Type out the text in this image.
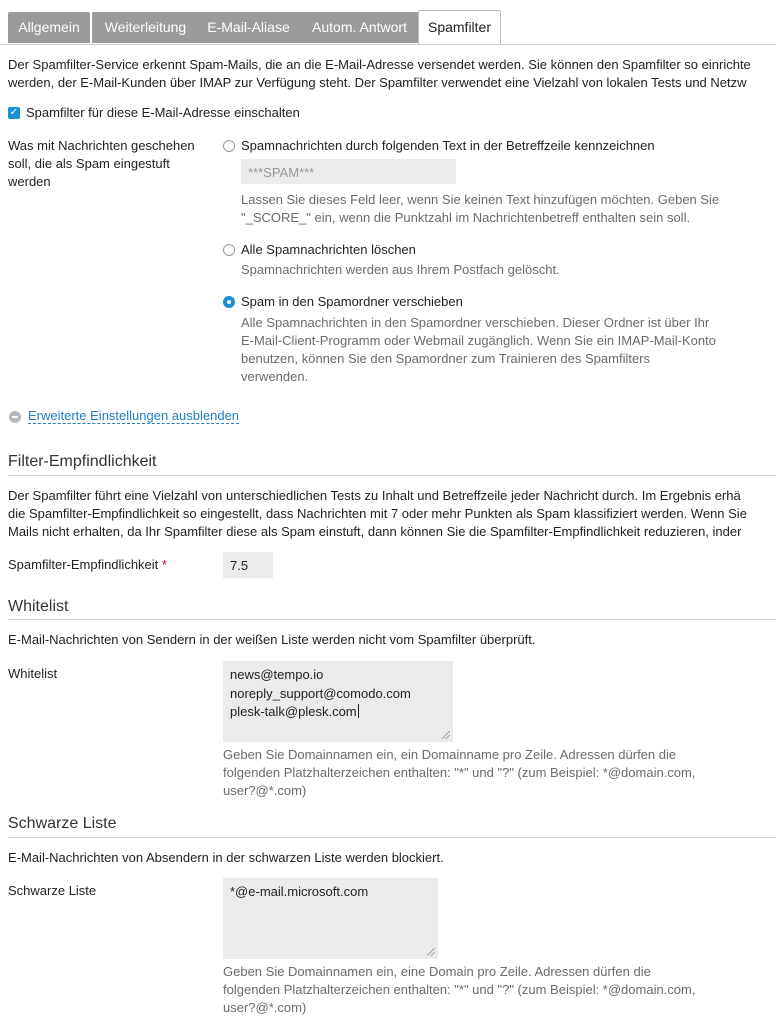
Allgemein	Weiterleitung	E-Mail-Aliase	Autom. Antwort	Spamfilter
Der Spamfilter-Service erkennt Spam-Mails, die an die E-Mail-Adresse versendet werden. Sie können den Spamfilter so einrichte
werden, der E-Mail-Kunden über IMAP zur Verfügung steht. Der Spamfilter verwendet eine Vielzahl von lokalen Tests und Netzw
✓ Spamfilter für diese E-Mail-Adresse einschalten
Was mit Nachrichten geschehen
soll, die als Spam eingestuft
werden
Spamnachrichten durch folgenden Text in der Betreffzeile kennzeichnen
***SPAM***
Lassen Sie dieses Feld leer, wenn Sie keinen Text hinzufügen möchten. Geben Sie
"_SCORE_" ein, wenn die Punktzahl im Nachrichtenbetreff enthalten sein soll.
Alle Spamnachrichten löschen
Spamnachrichten werden aus Ihrem Postfach gelöscht.
Spam in den Spamordner verschieben
Alle Spamnachrichten in den Spamordner verschieben. Dieser Ordner ist über Ihr
E-Mail-Client-Programm oder Webmail zugänglich. Wenn Sie ein IMAP-Mail-Konto
benutzen, können Sie den Spamordner zum Trainieren des Spamfilters
verwenden.
Erweiterte Einstellungen ausblenden
Filter-Empfindlichkeit
Der Spamfilter führt eine Vielzahl von unterschiedlichen Tests zu Inhalt und Betreffzeile jeder Nachricht durch. Im Ergebnis erhä
die Spamfilter-Empfindlichkeit so eingestellt, dass Nachrichten mit 7 oder mehr Punkten als Spam klassifiziert werden. Wenn Sie
Mails nicht erhalten, da Ihr Spamfilter diese als Spam einstuft, dann können Sie die Spamfilter-Empfindlichkeit reduzieren, inder
Spamfilter-Empfindlichkeit *	7.5
Whitelist
E-Mail-Nachrichten von Sendern in der weißen Liste werden nicht vom Spamfilter überprüft.
Whitelist	news@tempo.io
noreply_support@comodo.com
plesk-talk@plesk.com
Geben Sie Domainnamen ein, ein Domainname pro Zeile. Adressen dürfen die
folgenden Platzhalterzeichen enthalten: "*" und "?" (zum Beispiel: *@domain.com,
user?@*.com)
Schwarze Liste
E-Mail-Nachrichten von Absendern in der schwarzen Liste werden blockiert.
Schwarze Liste	*@e-mail.microsoft.com
Geben Sie Domainnamen ein, eine Domain pro Zeile. Adressen dürfen die
folgenden Platzhalterzeichen enthalten: "*" und "?" (zum Beispiel: *@domain.com,
user?@*.com)
